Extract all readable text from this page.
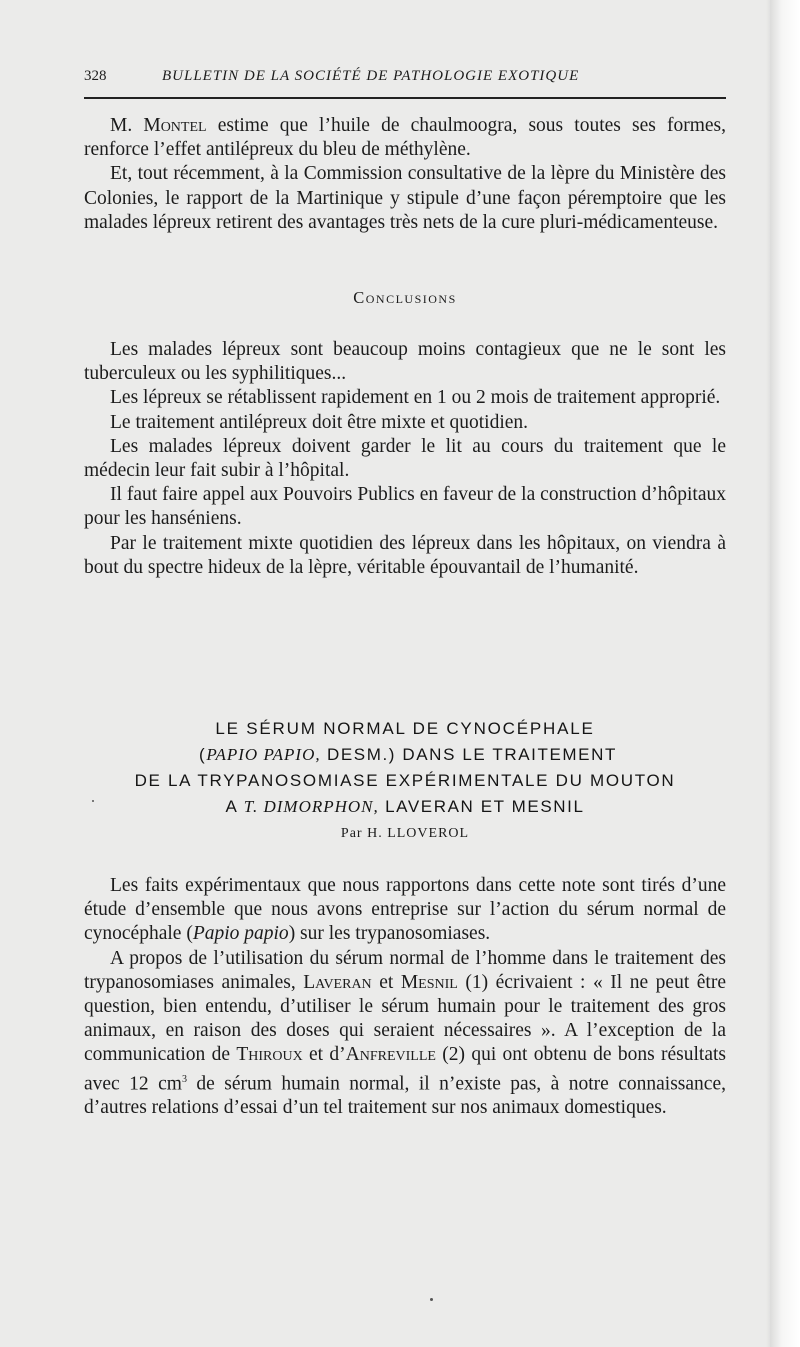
328	BULLETIN DE LA SOCIÉTÉ DE PATHOLOGIE EXOTIQUE

M. Montel estime que l’huile de chaulmoogra, sous toutes ses formes, renforce l’effet antilépreux du bleu de méthylène.

Et, tout récemment, à la Commission consultative de la lèpre du Ministère des Colonies, le rapport de la Martinique y stipule d’une façon péremptoire que les malades lépreux retirent des avantages très nets de la cure pluri-médicamenteuse.

Conclusions

Les malades lépreux sont beaucoup moins contagieux que ne le sont les tuberculeux ou les syphilitiques...

Les lépreux se rétablissent rapidement en 1 ou 2 mois de traitement approprié.

Le traitement antilépreux doit être mixte et quotidien.

Les malades lépreux doivent garder le lit au cours du traitement que le médecin leur fait subir à l’hôpital.

Il faut faire appel aux Pouvoirs Publics en faveur de la construction d’hôpitaux pour les hanséniens.

Par le traitement mixte quotidien des lépreux dans les hôpitaux, on viendra à bout du spectre hideux de la lèpre, véritable épouvantail de l’humanité.

LE SÉRUM NORMAL DE CYNOCÉPHALE
(PAPIO PAPIO, DESM.) DANS LE TRAITEMENT
DE LA TRYPANOSOMIASE EXPÉRIMENTALE DU MOUTON
A T. DIMORPHON, LAVERAN ET MESNIL
Par H. LLOVEROL

Les faits expérimentaux que nous rapportons dans cette note sont tirés d’une étude d’ensemble que nous avons entreprise sur l’action du sérum normal de cynocéphale (Papio papio) sur les trypanosomiases.

A propos de l’utilisation du sérum normal de l’homme dans le traitement des trypanosomiases animales, Laveran et Mesnil (1) écrivaient : « Il ne peut être question, bien entendu, d’utiliser le sérum humain pour le traitement des gros animaux, en raison des doses qui seraient nécessaires ». A l’exception de la communication de Thiroux et d’Anfreville (2) qui ont obtenu de bons résultats avec 12 $cm^3$ de sérum humain normal, il n’existe pas, à notre connaissance, d’autres relations d’essai d’un tel traitement sur nos animaux domestiques.
